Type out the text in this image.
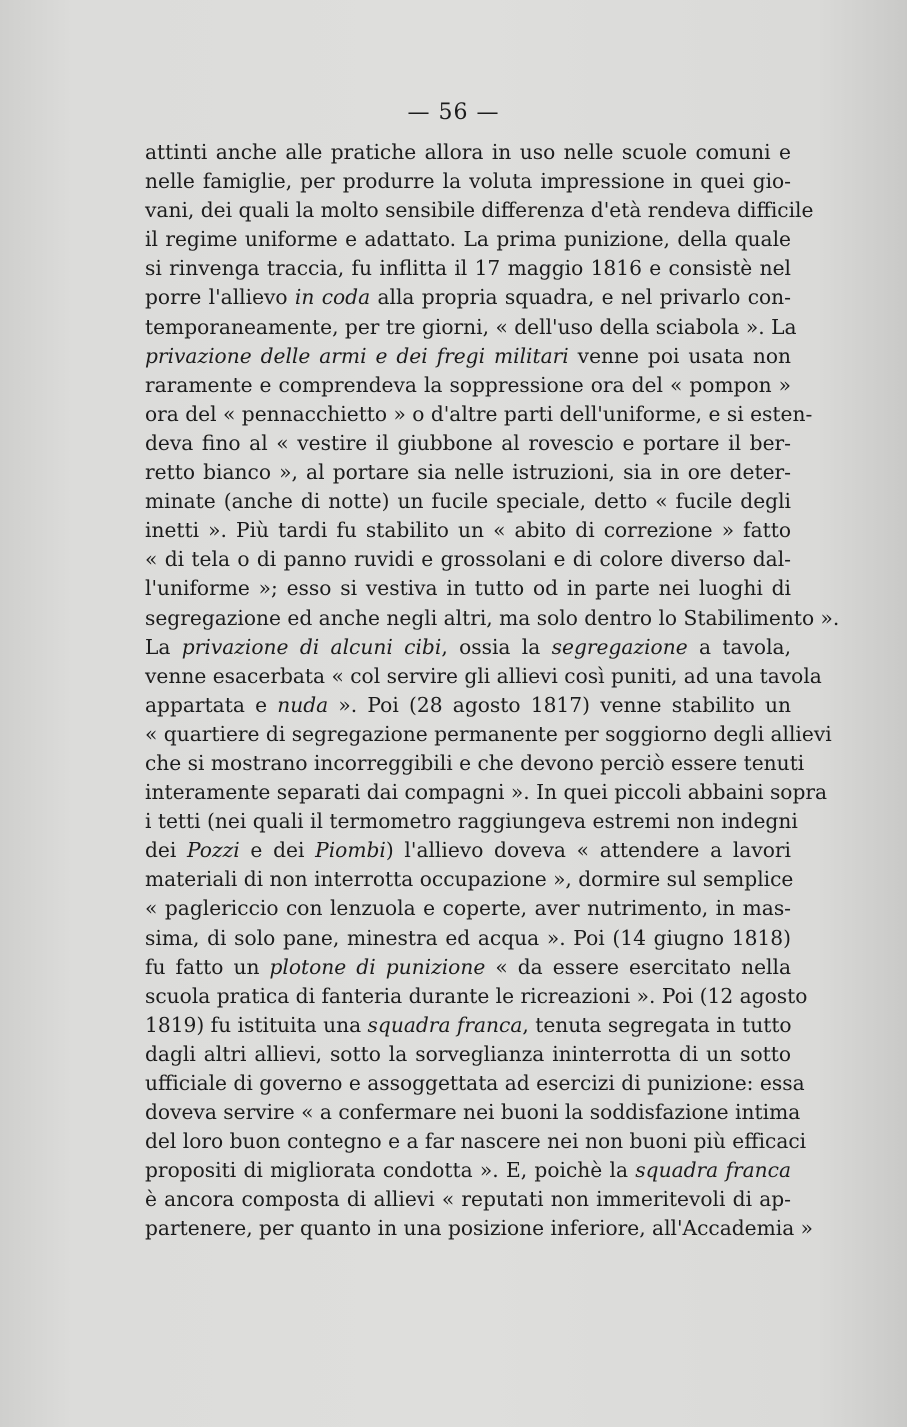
— 56 —
attinti anche alle pratiche allora in uso nelle scuole comuni e
nelle famiglie, per produrre la voluta impressione in quei gio-
vani, dei quali la molto sensibile differenza d'età rendeva difficile
il regime uniforme e adattato. La prima punizione, della quale
si rinvenga traccia, fu inflitta il 17 maggio 1816 e consistè nel
porre l'allievo in coda alla propria squadra, e nel privarlo con-
temporaneamente, per tre giorni, « dell'uso della sciabola ». La
privazione delle armi e dei fregi militari venne poi usata non
raramente e comprendeva la soppressione ora del « pompon »
ora del « pennacchietto » o d'altre parti dell'uniforme, e si esten-
deva fino al « vestire il giubbone al rovescio e portare il ber-
retto bianco », al portare sia nelle istruzioni, sia in ore deter-
minate (anche di notte) un fucile speciale, detto « fucile degli
inetti ». Più tardi fu stabilito un « abito di correzione » fatto
« di tela o di panno ruvidi e grossolani e di colore diverso dal-
l'uniforme »; esso si vestiva in tutto od in parte nei luoghi di
segregazione ed anche negli altri, ma solo dentro lo Stabilimento ».
La privazione di alcuni cibi, ossia la segregazione a tavola,
venne esacerbata « col servire gli allievi così puniti, ad una tavola
appartata e nuda ». Poi (28 agosto 1817) venne stabilito un
« quartiere di segregazione permanente per soggiorno degli allievi
che si mostrano incorreggibili e che devono perciò essere tenuti
interamente separati dai compagni ». In quei piccoli abbaini sopra
i tetti (nei quali il termometro raggiungeva estremi non indegni
dei Pozzi e dei Piombi) l'allievo doveva « attendere a lavori
materiali di non interrotta occupazione », dormire sul semplice
« paglericcio con lenzuola e coperte, aver nutrimento, in mas-
sima, di solo pane, minestra ed acqua ». Poi (14 giugno 1818)
fu fatto un plotone di punizione « da essere esercitato nella
scuola pratica di fanteria durante le ricreazioni ». Poi (12 agosto
1819) fu istituita una squadra franca, tenuta segregata in tutto
dagli altri allievi, sotto la sorveglianza ininterrotta di un sotto
ufficiale di governo e assoggettata ad esercizi di punizione: essa
doveva servire « a confermare nei buoni la soddisfazione intima
del loro buon contegno e a far nascere nei non buoni più efficaci
propositi di migliorata condotta ». E, poichè la squadra franca
è ancora composta di allievi « reputati non immeritevoli di ap-
partenere, per quanto in una posizione inferiore, all'Accademia »
